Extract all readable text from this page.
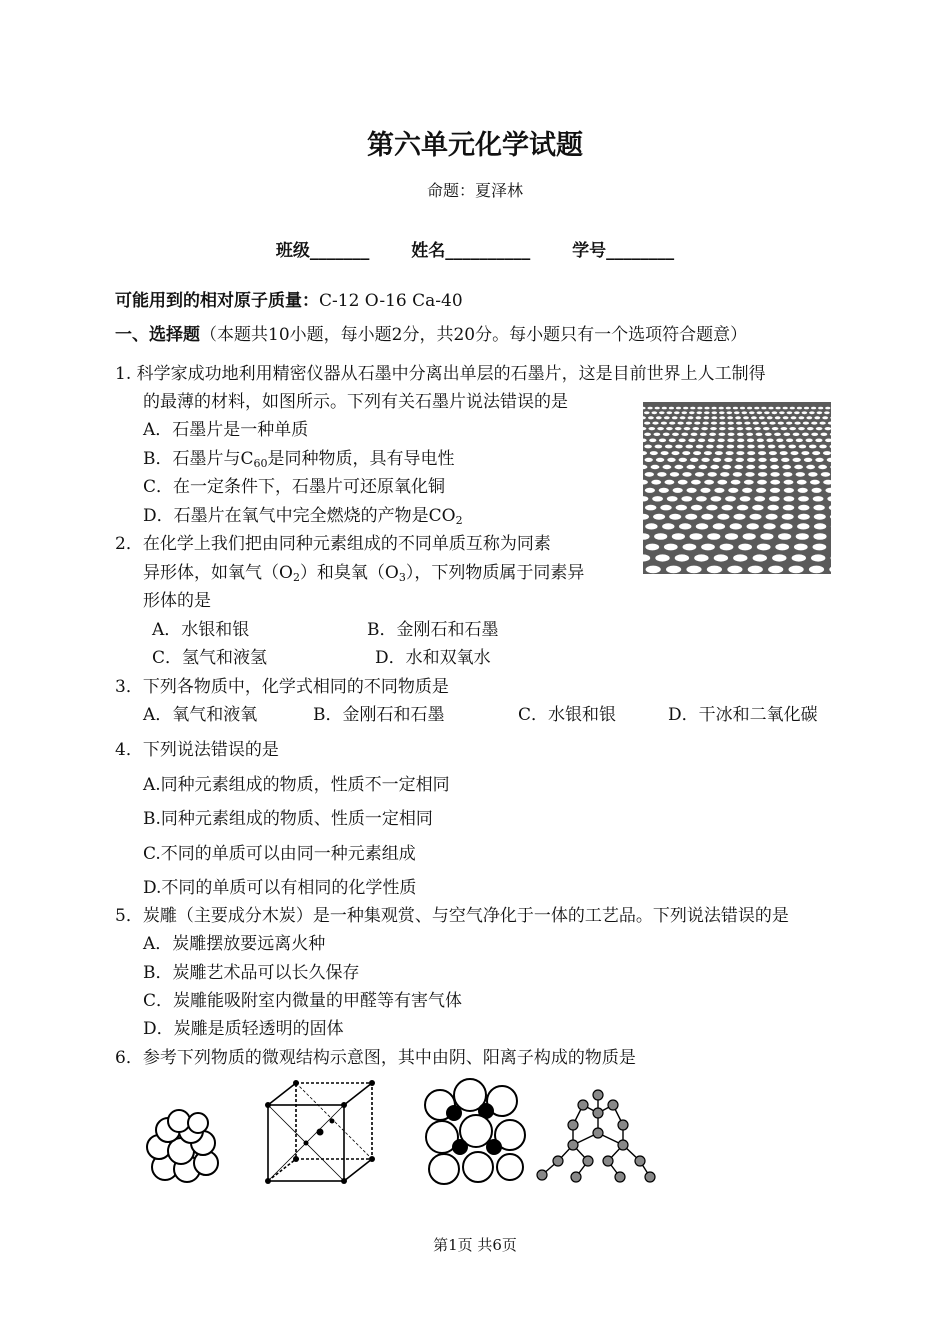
第六单元化学试题
命题：夏泽林
班级_______ 姓名__________ 学号________
可能用到的相对原子质量：C-12 O-16 Ca-40
一、选择题（本题共10小题，每小题2分，共20分。每小题只有一个选项符合题意）
1. 科学家成功地利用精密仪器从石墨中分离出单层的石墨片，这是目前世界上人工制得
的最薄的材料，如图所示。下列有关石墨片说法错误的是
A．石墨片是一种单质
B．石墨片与$C_{60}$是同种物质，具有导电性
C．在一定条件下，石墨片可还原氧化铜
D．石墨片在氧气中完全燃烧的产物是$CO_2$
2．在化学上我们把由同种元素组成的不同单质互称为同素
异形体，如氧气$(O_2)$和臭氧$(O_3)$，下列物质属于同素异
形体的是
A．水银和银	B．金刚石和石墨
C．氢气和液氢	D．水和双氧水
3．下列各物质中，化学式相同的不同物质是
A．氧气和液氧	B．金刚石和石墨	C．水银和银	D．干冰和二氧化碳
4．下列说法错误的是
A.同种元素组成的物质，性质不一定相同
B.同种元素组成的物质、性质一定相同
C.不同的单质可以由同一种元素组成
D.不同的单质可以有相同的化学性质
5．炭雕（主要成分木炭）是一种集观赏、与空气净化于一体的工艺品。下列说法错误的是
A．炭雕摆放要远离火种
B．炭雕艺术品可以长久保存
C．炭雕能吸附室内微量的甲醛等有害气体
D．炭雕是质轻透明的固体
6．参考下列物质的微观结构示意图，其中由阴、阳离子构成的物质是
第1页 共6页
